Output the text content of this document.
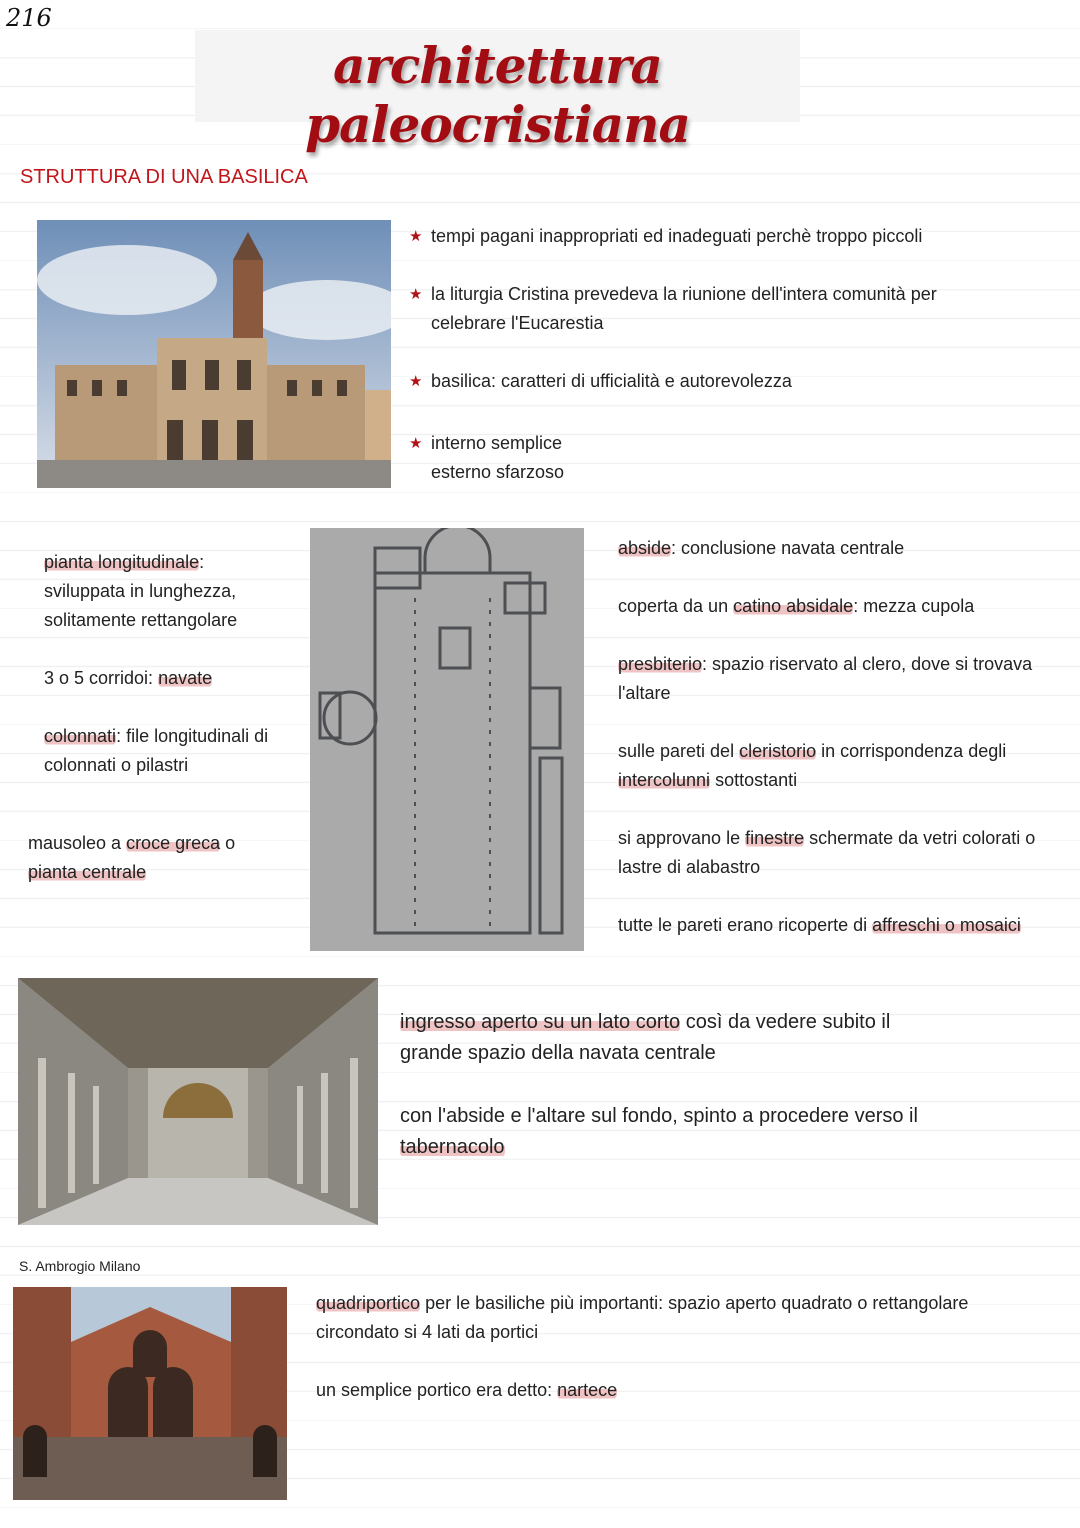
216
architettura paleocristiana
STRUTTURA DI UNA BASILICA
★ tempi pagani inappropriati ed inadeguati perchè troppo piccoli
★ la liturgia Cristina prevedeva la riunione dell'intera comunità per
celebrare l'Eucarestia
★ basilica: caratteri di ufficialità e autorevolezza
★ interno semplice
esterno sfarzoso
pianta longitudinale:
sviluppata in lunghezza,
solitamente rettangolare
3 o 5 corridoi: navate
colonnati: file longitudinali di
colonnati o pilastri
mausoleo a croce greca o
pianta centrale
abside: conclusione navata centrale
coperta da un catino absidale: mezza cupola
presbiterio: spazio riservato al clero, dove si trovava
l'altare
sulle pareti del cleristorio in corrispondenza degli
intercolunni sottostanti
si approvano le finestre schermate da vetri colorati o
lastre di alabastro
tutte le pareti erano ricoperte di affreschi o mosaici
ingresso aperto su un lato corto così da vedere subito il
grande spazio della navata centrale
con l'abside e l'altare sul fondo, spinto a procedere verso il
tabernacolo
S. Ambrogio Milano
quadriportico per le basiliche più importanti: spazio aperto quadrato o rettangolare
circondato si 4 lati da portici
un semplice portico era detto: nartece
